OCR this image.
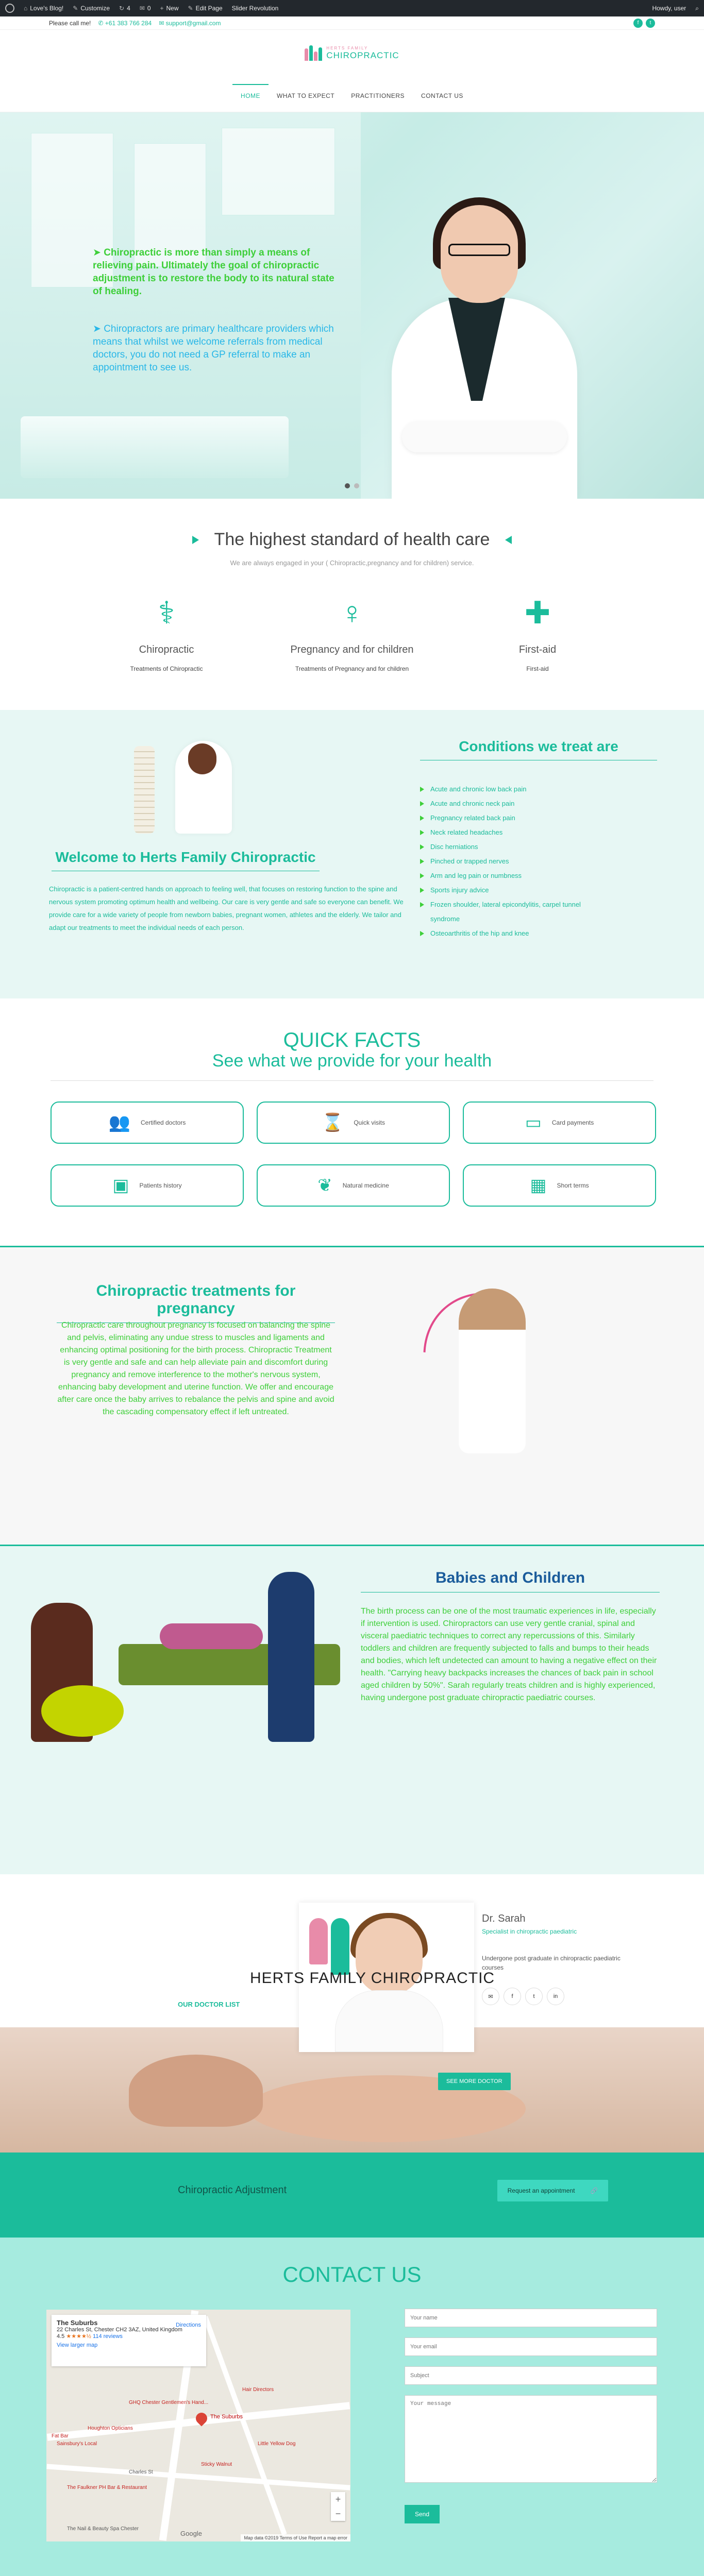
⌂ Love's Blog! ✎ Customize ↻ 4 ✉ 0 + New ✎ Edit Page Slider Revolution	Howdy, user ⌕
Please call me! ✆ +61 383 766 284 ✉ support@gmail.com	f	t
HERTS FAMILY
CHIROPRACTIC
HOME	WHAT TO EXPECT	PRACTITIONERS	CONTACT US

➤ Chiropractic is more than simply a means of relieving pain. Ultimately the goal of chiropractic adjustment is to restore the body to its natural state of healing.

➤ Chiropractors are primary healthcare providers which means that whilst we welcome referrals from medical doctors, you do not need a GP referral to make an appointment to see us.

The highest standard of health care

We are always engaged in your ( Chiropractic,pregnancy and for children) service.

⚕
Chiropractic

Treatments of Chiropractic

♀
Pregnancy and for children

Treatments of Pregnancy and for children

✚
First-aid

First-aid

Welcome to Herts Family Chiropractic

Chiropractic is a patient-centred hands on approach to feeling well, that focuses on restoring function to the spine and nervous system promoting optimum health and wellbeing. Our care is very gentle and safe so everyone can benefit. We provide care for a wide variety of people from newborn babies, pregnant women, athletes and the elderly. We tailor and adapt our treatments to meet the individual needs of each person.

Conditions we treat are
Acute and chronic low back pain
Acute and chronic neck pain
Pregnancy related back pain
Neck related headaches
Disc herniations
Pinched or trapped nerves
Arm and leg pain or numbness
Sports injury advice
Frozen shoulder, lateral epicondylitis, carpel tunnel syndrome
Osteoarthritis of the hip and knee
QUICK FACTS
See what we provide for your health
👥 Certified doctors	⌛ Quick visits	▭ Card payments
▣ Patients history	❦ Natural medicine	▦ Short terms
Chiropractic treatments for pregnancy

Chiropractic care throughout pregnancy is focused on balancing the spine and pelvis, eliminating any undue stress to muscles and ligaments and enhancing optimal positioning for the birth process. Chiropractic Treatment is very gentle and safe and can help alleviate pain and discomfort during pregnancy and remove interference to the mother's nervous system, enhancing baby development and uterine function. We offer and encourage after care once the baby arrives to rebalance the pelvis and spine and avoid the cascading compensatory effect if left untreated.

Babies and Children

The birth process can be one of the most traumatic experiences in life, especially if intervention is used. Chiropractors can use very gentle cranial, spinal and visceral paediatric techniques to correct any repercussions of this. Similarly toddlers and children are frequently subjected to falls and bumps to their heads and bodies, which left undetected can amount to having a negative effect on their health. "Carrying heavy backpacks increases the chances of back pain in school aged children by 50%". Sarah regularly treats children and is highly experienced, having undergone post graduate chiropractic paediatric courses.

OUR DOCTOR LIST
HERTS FAMILY CHIROPRACTIC
Dr. Sarah
Specialist in chiropractic paediatric
Undergone post graduate in chiropractic paediatric courses
✉	f	t	in
SEE MORE DOCTOR
Chiropractic Adjustment	Request an appointment	🔗
CONTACT US
The Suburbs
22 Charles St, Chester CH2 3AZ, United Kingdom
4.5 ★★★★½ 114 reviews
View larger map
Directions
The Suburbs
GHQ Chester Gentlemen's Hand...
Hair Directors
Houghton Opticians
Sainsbury's Local
Fat Bar
Sticky Walnut
Little Yellow Dog
The Faulkner PH Bar & Restaurant
Charles St
The Nail & Beauty Spa Chester
+
−
Google
Map data ©2019 Terms of Use Report a map error
Your name Your email Subject Your message
Send
